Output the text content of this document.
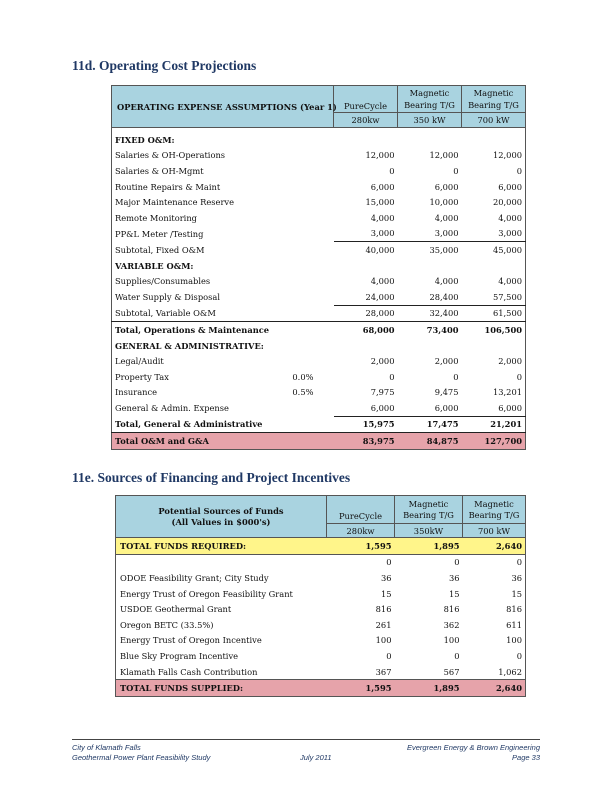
11d. Operating Cost Projections
OPERATING EXPENSE ASSUMPTIONS (Year 1)		PureCycle	Magnetic Bearing T/G	Magnetic Bearing T/G
		280kw	350 kW	700 kW

FIXED O&M:				
Salaries & OH-Operations		12,000	12,000	12,000
Salaries & OH-Mgmt		0	0	0
Routine Repairs & Maint		6,000	6,000	6,000
Major Maintenance Reserve		15,000	10,000	20,000
Remote Monitoring		4,000	4,000	4,000
PP&L Meter /Testing		3,000	3,000	3,000
Subtotal, Fixed O&M		40,000	35,000	45,000
VARIABLE O&M:				
Supplies/Consumables		4,000	4,000	4,000
Water Supply & Disposal		24,000	28,400	57,500
Subtotal, Variable O&M		28,000	32,400	61,500
Total, Operations & Maintenance		68,000	73,400	106,500
GENERAL & ADMINISTRATIVE:				
Legal/Audit		2,000	2,000	2,000
Property Tax	0.0%	0	0	0
Insurance	0.5%	7,975	9,475	13,201
General & Admin. Expense		6,000	6,000	6,000
Total, General & Administrative		15,975	17,475	21,201
Total O&M and G&A		83,975	84,875	127,700
11e. Sources of Financing and Project Incentives
Potential Sources of Funds
(All Values in $000's)	PureCycle	Magnetic Bearing T/G	Magnetic Bearing T/G
	280kw	350kW	700 kW
TOTAL FUNDS REQUIRED:	1,595	1,895	2,640
	0	0	0
ODOE Feasibility Grant; City Study	36	36	36
Energy Trust of Oregon Feasibility Grant	15	15	15
USDOE Geothermal Grant	816	816	816
Oregon BETC (33.5%)	261	362	611
Energy Trust of Oregon Incentive	100	100	100
Blue Sky Program Incentive	0	0	0
Klamath Falls Cash Contribution	367	567	1,062
TOTAL FUNDS SUPPLIED:	1,595	1,895	2,640
City of Klamath Falls
Geothermal Power Plant Feasibility Study	July 2011
Evergreen Energy & Brown Engineering
Page 33
